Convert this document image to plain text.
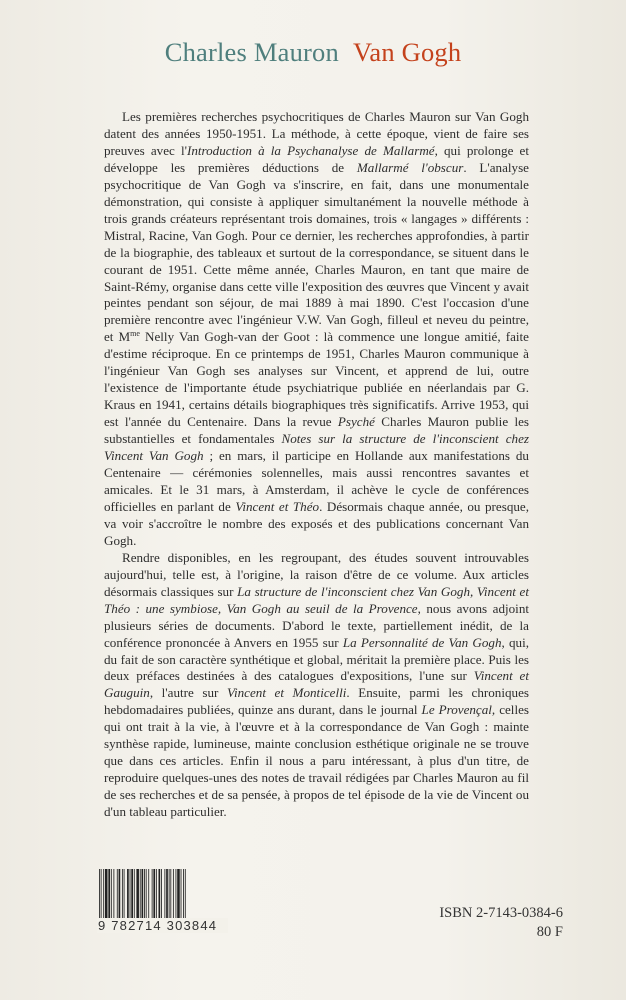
Charles Mauron Van Gogh

Les premières recherches psychocritiques de Charles Mauron sur Van Gogh datent des années 1950-1951. La méthode, à cette époque, vient de faire ses preuves avec l'Introduction à la Psychanalyse de Mallarmé, qui prolonge et développe les premières déductions de Mallarmé l'obscur. L'analyse psychocritique de Van Gogh va s'inscrire, en fait, dans une monumentale démonstration, qui consiste à appliquer simultanément la nouvelle méthode à trois grands créateurs représentant trois domaines, trois « langages » différents : Mistral, Racine, Van Gogh. Pour ce dernier, les recherches approfondies, à partir de la biographie, des tableaux et surtout de la correspondance, se situent dans le courant de 1951. Cette même année, Charles Mauron, en tant que maire de Saint-Rémy, organise dans cette ville l'exposition des œuvres que Vincent y avait peintes pendant son séjour, de mai 1889 à mai 1890. C'est l'occasion d'une première rencontre avec l'ingénieur V.W. Van Gogh, filleul et neveu du peintre, et $M^{me}$ Nelly Van Gogh-van der Goot : là commence une longue amitié, faite d'estime réciproque. En ce printemps de 1951, Charles Mauron communique à l'ingénieur Van Gogh ses analyses sur Vincent, et apprend de lui, outre l'existence de l'importante étude psychiatrique publiée en néerlandais par G. Kraus en 1941, certains détails biographiques très significatifs. Arrive 1953, qui est l'année du Centenaire. Dans la revue Psyché Charles Mauron publie les substantielles et fondamentales Notes sur la structure de l'inconscient chez Vincent Van Gogh ; en mars, il participe en Hollande aux manifestations du Centenaire — cérémonies solennelles, mais aussi rencontres savantes et amicales. Et le 31 mars, à Amsterdam, il achève le cycle de conférences officielles en parlant de Vincent et Théo. Désormais chaque année, ou presque, va voir s'accroître le nombre des exposés et des publications concernant Van Gogh.

Rendre disponibles, en les regroupant, des études souvent introuvables aujourd'hui, telle est, à l'origine, la raison d'être de ce volume. Aux articles désormais classiques sur La structure de l'inconscient chez Van Gogh, Vincent et Théo : une symbiose, Van Gogh au seuil de la Provence, nous avons adjoint plusieurs séries de documents. D'abord le texte, partiellement inédit, de la conférence prononcée à Anvers en 1955 sur La Personnalité de Van Gogh, qui, du fait de son caractère synthétique et global, méritait la première place. Puis les deux préfaces destinées à des catalogues d'expositions, l'une sur Vincent et Gauguin, l'autre sur Vincent et Monticelli. Ensuite, parmi les chroniques hebdomadaires publiées, quinze ans durant, dans le journal Le Provençal, celles qui ont trait à la vie, à l'œuvre et à la correspondance de Van Gogh : mainte synthèse rapide, lumineuse, mainte conclusion esthétique originale ne se trouve que dans ces articles. Enfin il nous a paru intéressant, à plus d'un titre, de reproduire quelques-unes des notes de travail rédigées par Charles Mauron au fil de ses recherches et de sa pensée, à propos de tel épisode de la vie de Vincent ou d'un tableau particulier.

9 782714 303844
ISBN 2-7143-0384-6
80 F
